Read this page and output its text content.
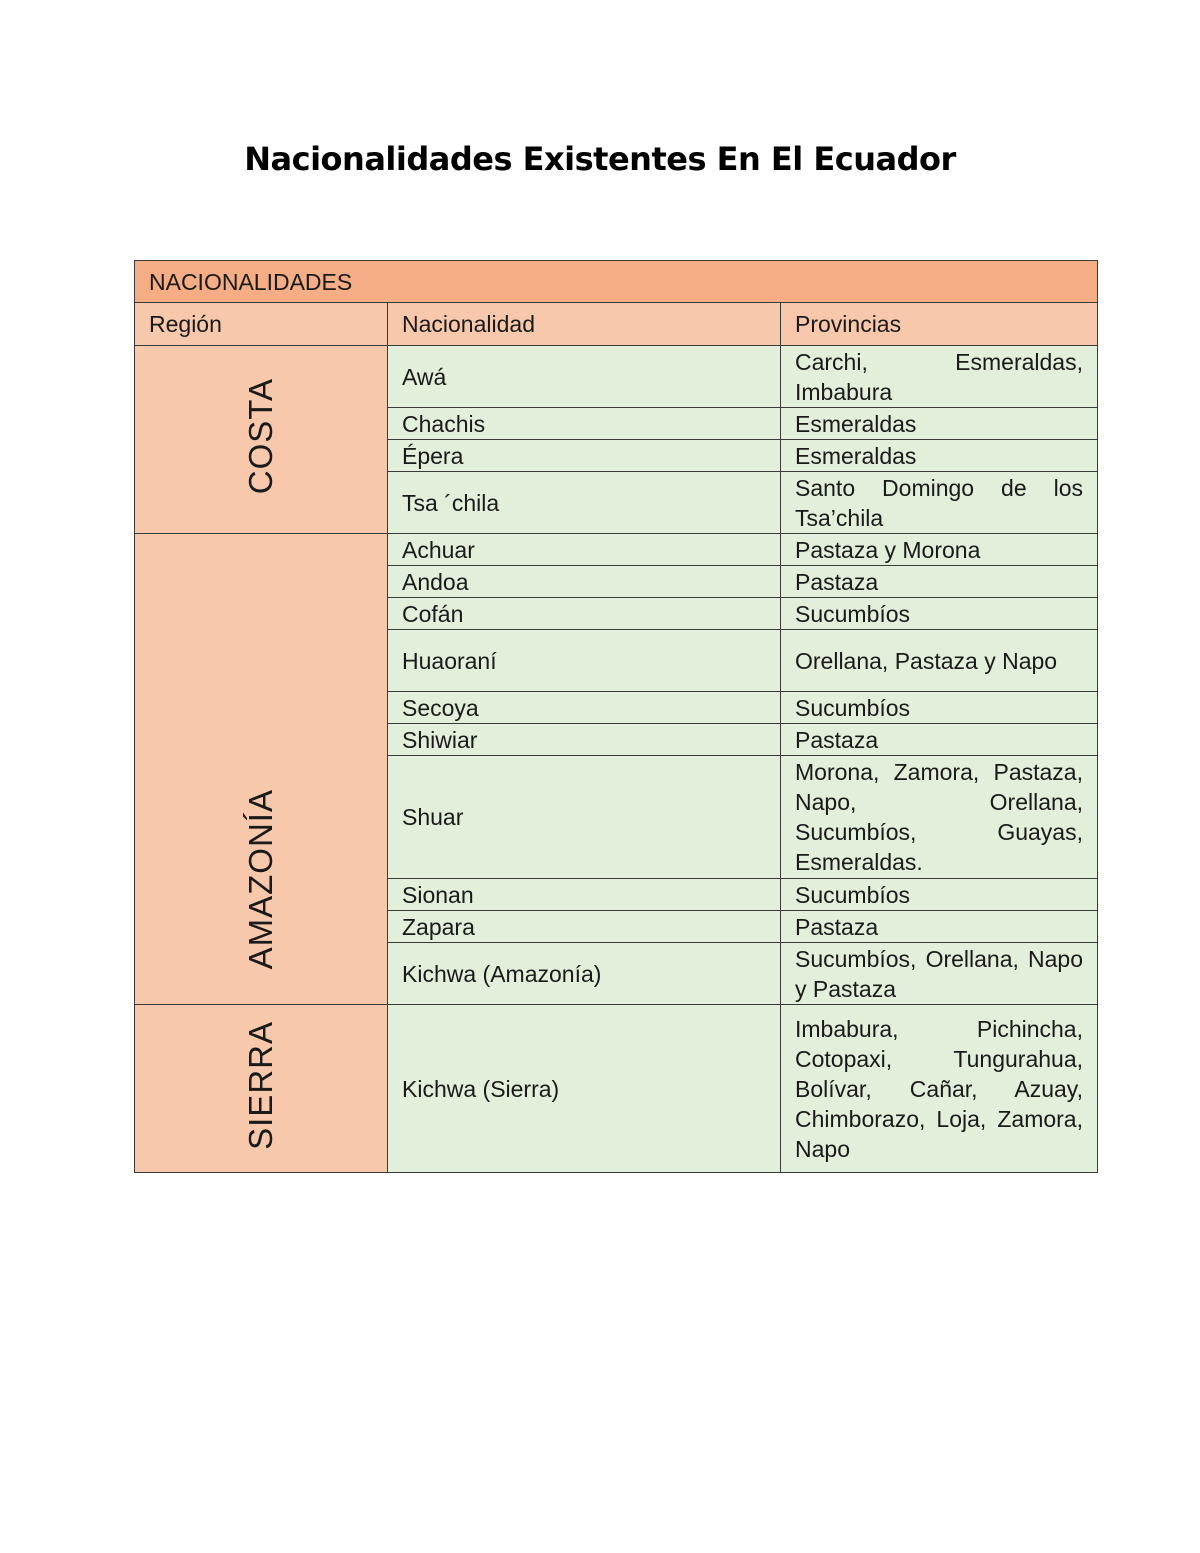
Nacionalidades Existentes En El Ecuador
NACIONALIDADES		
Región	Nacionalidad	Provincias
COSTA	Awá	Carchi, Esmeraldas, Imbabura
	Chachis	Esmeraldas
	Épera	Esmeraldas
	Tsa ´chila	Santo Domingo de los Tsa’chila
AMAZONÍA	Achuar	Pastaza y Morona
	Andoa	Pastaza
	Cofán	Sucumbíos
	Huaoraní	Orellana, Pastaza y Napo
	Secoya	Sucumbíos
	Shiwiar	Pastaza
	Shuar	Morona, Zamora, Pastaza, Napo, Orellana, Sucumbíos, Guayas, Esmeraldas.
	Sionan	Sucumbíos
	Zapara	Pastaza
	Kichwa (Amazonía)	Sucumbíos, Orellana, Napo y Pastaza
SIERRA	Kichwa (Sierra)	Imbabura, Pichincha, Cotopaxi, Tungurahua, Bolívar, Cañar, Azuay, Chimborazo, Loja, Zamora, Napo
